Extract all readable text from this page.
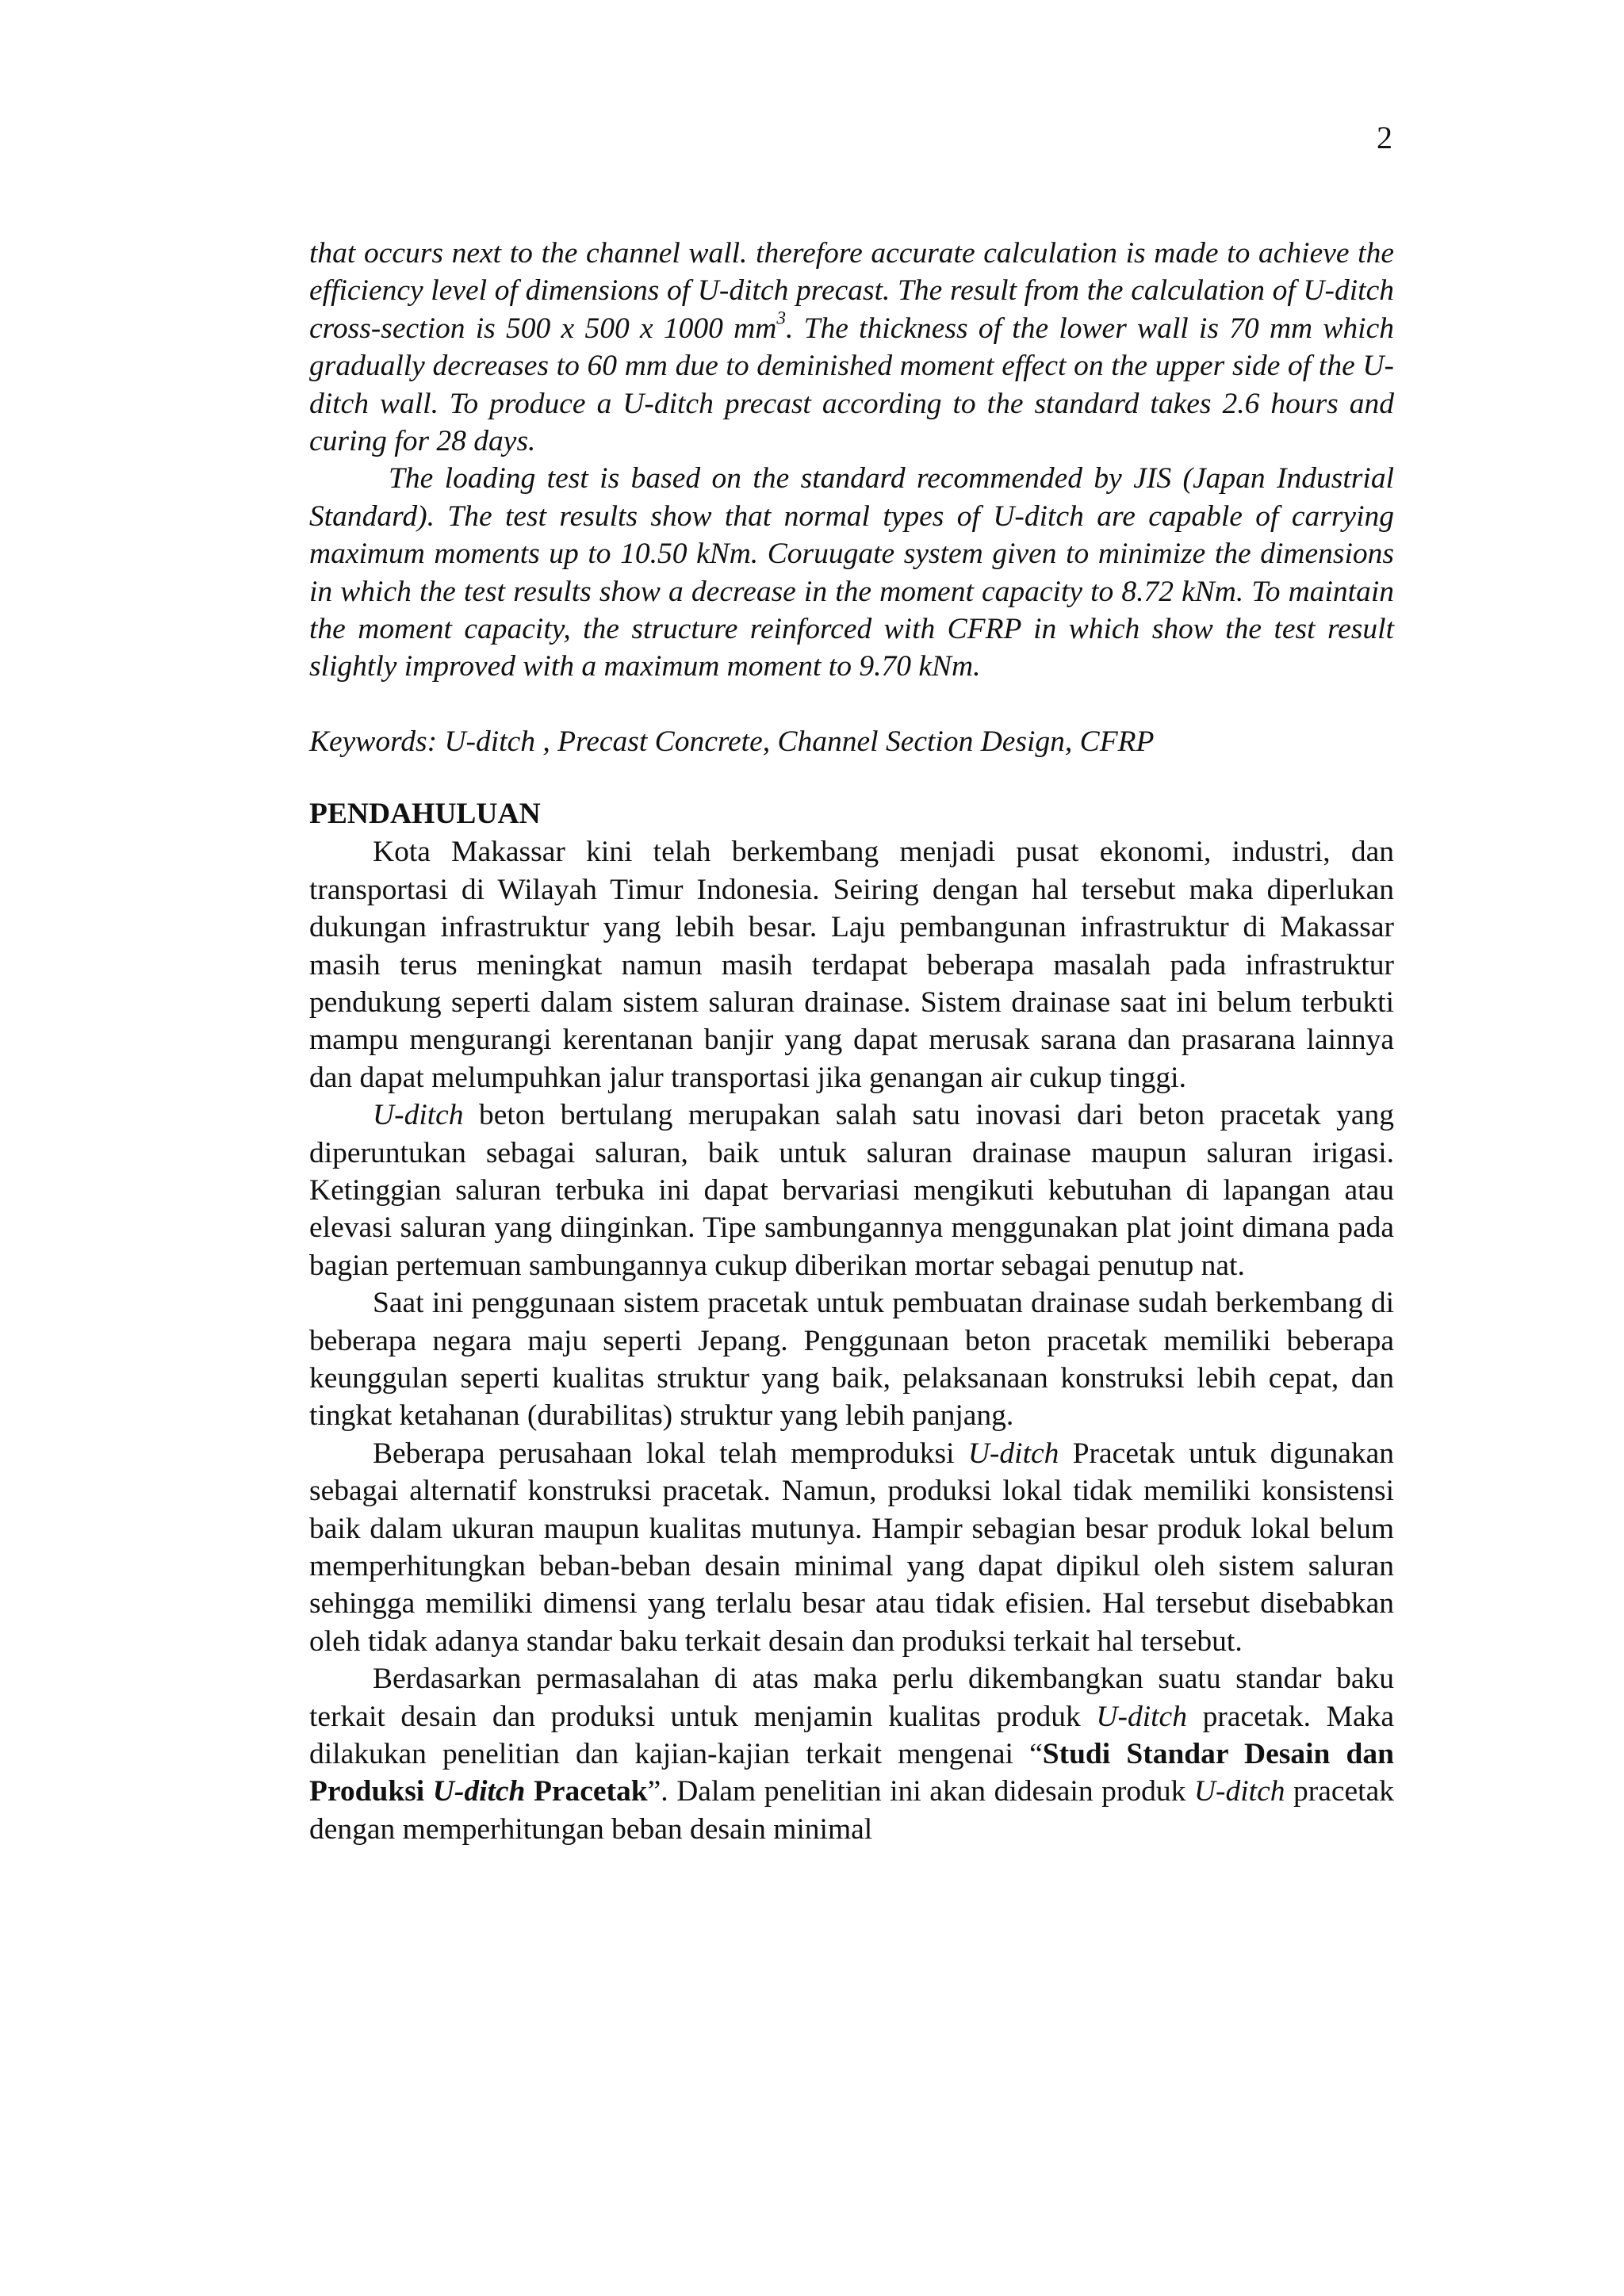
2

that occurs next to the channel wall. therefore accurate calculation is made to achieve the efficiency level of dimensions of U-ditch precast. The result from the calculation of U-ditch cross-section is 500 x 500 x 1000 $mm^3$. The thickness of the lower wall is 70 mm which gradually decreases to 60 mm due to deminished moment effect on the upper side of the U-ditch wall. To produce a U-ditch precast according to the standard takes 2.6 hours and curing for 28 days.

The loading test is based on the standard recommended by JIS (Japan Industrial Standard). The test results show that normal types of U-ditch are capable of carrying maximum moments up to 10.50 kNm. Coruugate system given to minimize the dimensions in which the test results show a decrease in the moment capacity to 8.72 kNm. To maintain the moment capacity, the structure reinforced with CFRP in which show the test result slightly improved with a maximum moment to 9.70 kNm.

Keywords: U-ditch , Precast Concrete, Channel Section Design, CFRP

PENDAHULUAN

Kota Makassar kini telah berkembang menjadi pusat ekonomi, industri, dan transportasi di Wilayah Timur Indonesia. Seiring dengan hal tersebut maka diperlukan dukungan infrastruktur yang lebih besar. Laju pembangunan infrastruktur di Makassar masih terus meningkat namun masih terdapat beberapa masalah pada infrastruktur pendukung seperti dalam sistem saluran drainase. Sistem drainase saat ini belum terbukti mampu mengurangi kerentanan banjir yang dapat merusak sarana dan prasarana lainnya dan dapat melumpuhkan jalur transportasi jika genangan air cukup tinggi.

U-ditch beton bertulang merupakan salah satu inovasi dari beton pracetak yang diperuntukan sebagai saluran, baik untuk saluran drainase maupun saluran irigasi. Ketinggian saluran terbuka ini dapat bervariasi mengikuti kebutuhan di lapangan atau elevasi saluran yang diinginkan. Tipe sambungannya menggunakan plat joint dimana pada bagian pertemuan sambungannya cukup diberikan mortar sebagai penutup nat.

Saat ini penggunaan sistem pracetak untuk pembuatan drainase sudah berkembang di beberapa negara maju seperti Jepang. Penggunaan beton pracetak memiliki beberapa keunggulan seperti kualitas struktur yang baik, pelaksanaan konstruksi lebih cepat, dan tingkat ketahanan (durabilitas) struktur yang lebih panjang.

Beberapa perusahaan lokal telah memproduksi U-ditch Pracetak untuk digunakan sebagai alternatif konstruksi pracetak. Namun, produksi lokal tidak memiliki konsistensi baik dalam ukuran maupun kualitas mutunya. Hampir sebagian besar produk lokal belum memperhitungkan beban-beban desain minimal yang dapat dipikul oleh sistem saluran sehingga memiliki dimensi yang terlalu besar atau tidak efisien. Hal tersebut disebabkan oleh tidak adanya standar baku terkait desain dan produksi terkait hal tersebut.

Berdasarkan permasalahan di atas maka perlu dikembangkan suatu standar baku terkait desain dan produksi untuk menjamin kualitas produk U-ditch pracetak. Maka dilakukan penelitian dan kajian-kajian terkait mengenai “Studi Standar Desain dan Produksi U-ditch Pracetak”. Dalam penelitian ini akan didesain produk U-ditch pracetak dengan memperhitungan beban desain minimal
